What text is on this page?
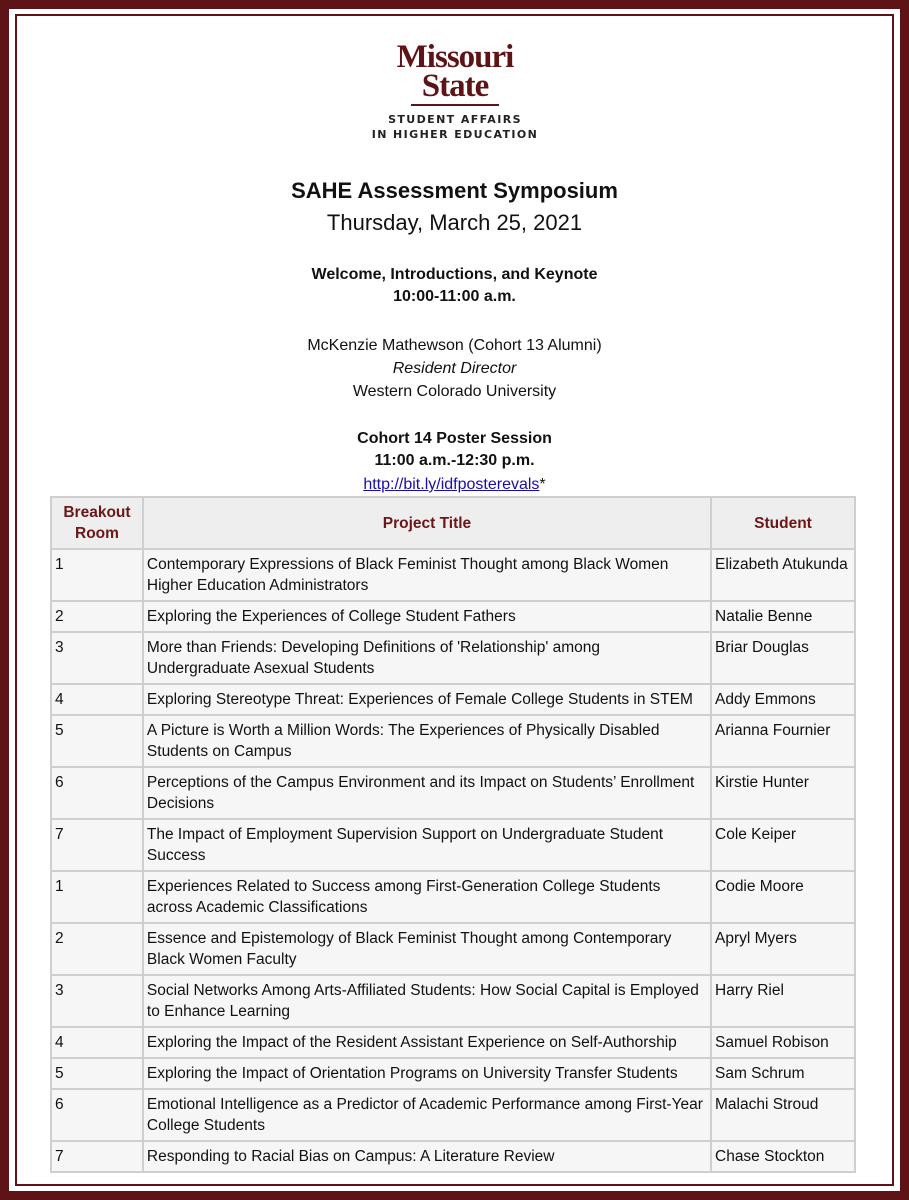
Missouri
State
STUDENT AFFAIRS
IN HIGHER EDUCATION
SAHE Assessment Symposium
Thursday, March 25, 2021
Welcome, Introductions, and Keynote
10:00-11:00 a.m.
McKenzie Mathewson (Cohort 13 Alumni)
Resident Director
Western Colorado University
Cohort 14 Poster Session
11:00 a.m.-12:30 p.m.
http://bit.ly/idfposterevals*
Breakout Room	Project Title	Student
1	Contemporary Expressions of Black Feminist Thought among Black Women Higher Education Administrators	Elizabeth Atukunda
2	Exploring the Experiences of College Student Fathers	Natalie Benne
3	More than Friends: Developing Definitions of 'Relationship' among Undergraduate Asexual Students	Briar Douglas
4	Exploring Stereotype Threat: Experiences of Female College Students in STEM	Addy Emmons
5	A Picture is Worth a Million Words: The Experiences of Physically Disabled Students on Campus	Arianna Fournier
6	Perceptions of the Campus Environment and its Impact on Students’ Enrollment Decisions	Kirstie Hunter
7	The Impact of Employment Supervision Support on Undergraduate Student Success	Cole Keiper
1	Experiences Related to Success among First-Generation College Students across Academic Classifications	Codie Moore
2	Essence and Epistemology of Black Feminist Thought among Contemporary Black Women Faculty	Apryl Myers
3	Social Networks Among Arts-Affiliated Students: How Social Capital is Employed to Enhance Learning	Harry Riel
4	Exploring the Impact of the Resident Assistant Experience on Self-Authorship	Samuel Robison
5	Exploring the Impact of Orientation Programs on University Transfer Students	Sam Schrum
6	Emotional Intelligence as a Predictor of Academic Performance among First-Year College Students	Malachi Stroud
7	Responding to Racial Bias on Campus: A Literature Review	Chase Stockton
